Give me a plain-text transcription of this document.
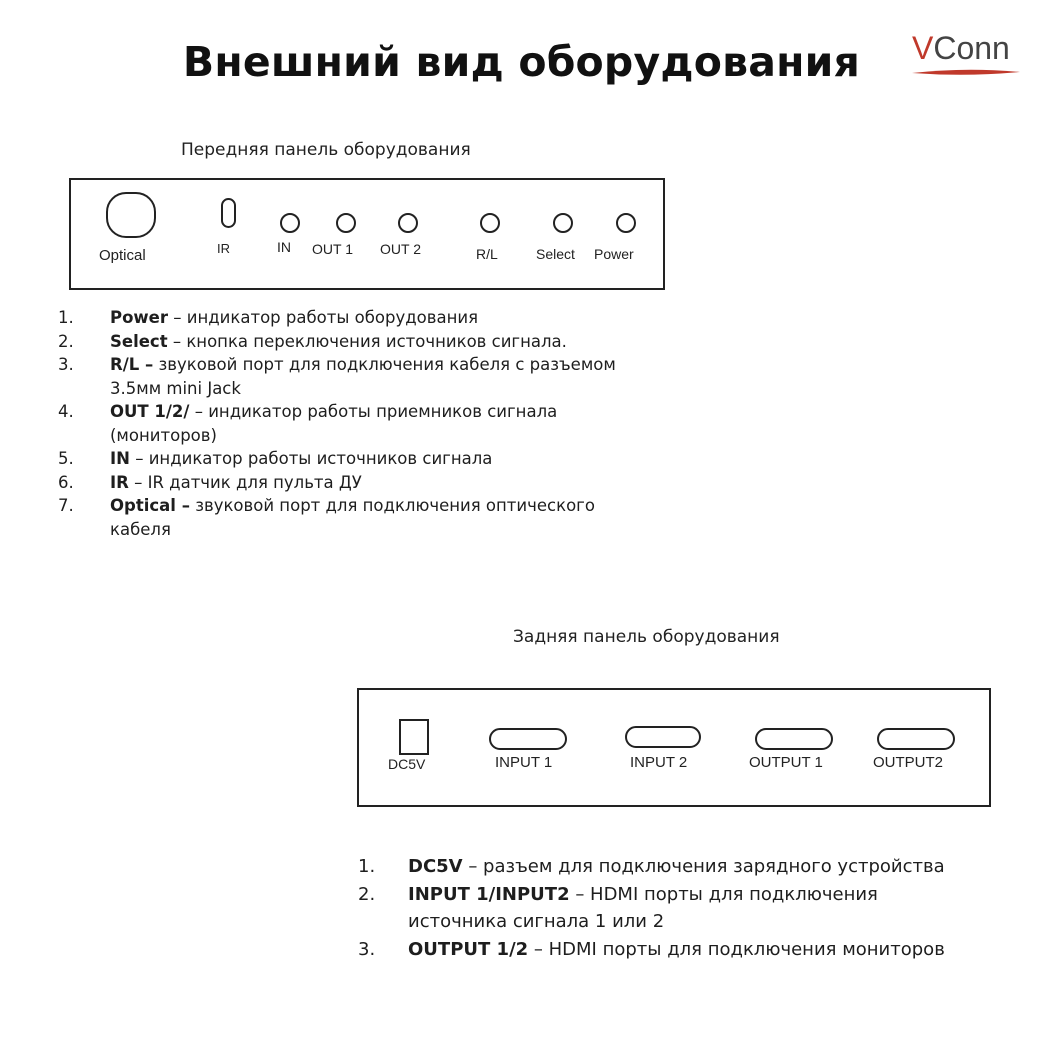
Внешний вид оборудования	VConn
Передняя панель оборудования
Optical	IR	IN OUT 1 OUT 2	R/L	Select Power
1. Power – индикатор работы оборудования
2. Select – кнопка переключения источников сигнала.
3. R/L – звуковой порт для подключения кабеля с разъемом 3.5мм mini Jack
4. OUT 1/2/ – индикатор работы приемников сигнала (мониторов)
5. IN – индикатор работы источников сигнала
6. IR – IR датчик для пульта ДУ
7. Optical – звуковой порт для подключения оптического кабеля
Задняя панель оборудования
DC5V	INPUT 1	INPUT 2	OUTPUT 1	OUTPUT2
1. DC5V – разъем для подключения зарядного устройства
2. INPUT 1/INPUT2 – HDMI порты для подключения источника сигнала 1 или 2
3. OUTPUT 1/2 – HDMI порты для подключения мониторов
